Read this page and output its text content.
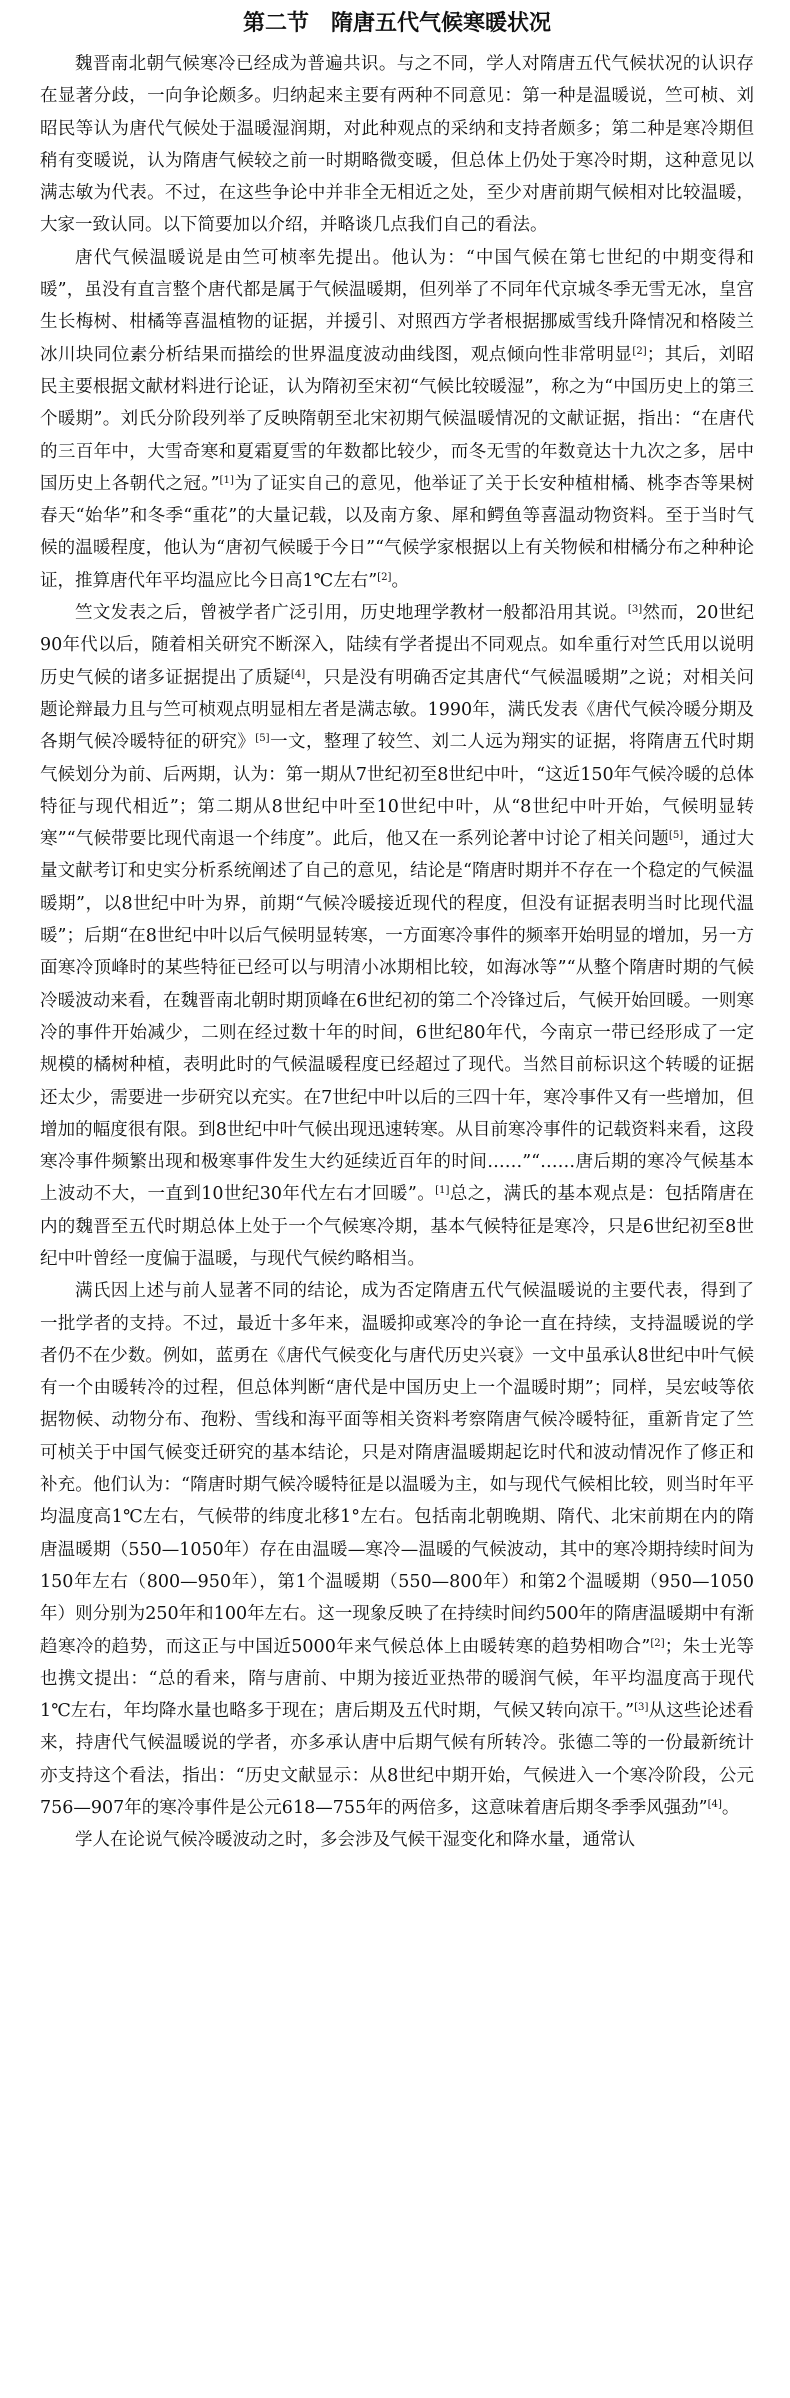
第二节　隋唐五代气候寒暖状况

魏晋南北朝气候寒冷已经成为普遍共识。与之不同，学人对隋唐五代气候状况的认识存在显著分歧，一向争论颇多。归纳起来主要有两种不同意见：第一种是温暖说，竺可桢、刘昭民等认为唐代气候处于温暖湿润期，对此种观点的采纳和支持者颇多；第二种是寒冷期但稍有变暖说，认为隋唐气候较之前一时期略微变暖，但总体上仍处于寒冷时期，这种意见以满志敏为代表。不过，在这些争论中并非全无相近之处，至少对唐前期气候相对比较温暖，大家一致认同。以下简要加以介绍，并略谈几点我们自己的看法。

唐代气候温暖说是由竺可桢率先提出。他认为：“中国气候在第七世纪的中期变得和暖”，虽没有直言整个唐代都是属于气候温暖期，但列举了不同年代京城冬季无雪无冰，皇宫生长梅树、柑橘等喜温植物的证据，并援引、对照西方学者根据挪威雪线升降情况和格陵兰冰川块同位素分析结果而描绘的世界温度波动曲线图，观点倾向性非常明显[2]；其后，刘昭民主要根据文献材料进行论证，认为隋初至宋初“气候比较暖湿”，称之为“中国历史上的第三个暖期”。刘氏分阶段列举了反映隋朝至北宋初期气候温暖情况的文献证据，指出：“在唐代的三百年中，大雪奇寒和夏霜夏雪的年数都比较少，而冬无雪的年数竟达十九次之多，居中国历史上各朝代之冠。”[1]为了证实自己的意见，他举证了关于长安种植柑橘、桃李杏等果树春天“始华”和冬季“重花”的大量记载，以及南方象、犀和鳄鱼等喜温动物资料。至于当时气候的温暖程度，他认为“唐初气候暖于今日”“气候学家根据以上有关物候和柑橘分布之种种论证，推算唐代年平均温应比今日高1℃左右”[2]。

竺文发表之后，曾被学者广泛引用，历史地理学教材一般都沿用其说。[3]然而，20世纪90年代以后，随着相关研究不断深入，陆续有学者提出不同观点。如牟重行对竺氏用以说明历史气候的诸多证据提出了质疑[4]，只是没有明确否定其唐代“气候温暖期”之说；对相关问题论辩最力且与竺可桢观点明显相左者是满志敏。1990年，满氏发表《唐代气候冷暖分期及各期气候冷暖特征的研究》[5]一文，整理了较竺、刘二人远为翔实的证据，将隋唐五代时期气候划分为前、后两期，认为：第一期从7世纪初至8世纪中叶，“这近150年气候冷暖的总体特征与现代相近”；第二期从8世纪中叶至10世纪中叶，从“8世纪中叶开始，气候明显转寒”“气候带要比现代南退一个纬度”。此后，他又在一系列论著中讨论了相关问题[5]，通过大量文献考订和史实分析系统阐述了自己的意见，结论是“隋唐时期并不存在一个稳定的气候温暖期”，以8世纪中叶为界，前期“气候冷暖接近现代的程度，但没有证据表明当时比现代温暖”；后期“在8世纪中叶以后气候明显转寒，一方面寒冷事件的频率开始明显的增加，另一方面寒冷顶峰时的某些特征已经可以与明清小冰期相比较，如海冰等”“从整个隋唐时期的气候冷暖波动来看，在魏晋南北朝时期顶峰在6世纪初的第二个冷锋过后，气候开始回暖。一则寒冷的事件开始减少，二则在经过数十年的时间，6世纪80年代，今南京一带已经形成了一定规模的橘树种植，表明此时的气候温暖程度已经超过了现代。当然目前标识这个转暖的证据还太少，需要进一步研究以充实。在7世纪中叶以后的三四十年，寒冷事件又有一些增加，但增加的幅度很有限。到8世纪中叶气候出现迅速转寒。从目前寒冷事件的记载资料来看，这段寒冷事件频繁出现和极寒事件发生大约延续近百年的时间……”“……唐后期的寒冷气候基本上波动不大，一直到10世纪30年代左右才回暖”。[1]总之，满氏的基本观点是：包括隋唐在内的魏晋至五代时期总体上处于一个气候寒冷期，基本气候特征是寒冷，只是6世纪初至8世纪中叶曾经一度偏于温暖，与现代气候约略相当。

满氏因上述与前人显著不同的结论，成为否定隋唐五代气候温暖说的主要代表，得到了一批学者的支持。不过，最近十多年来，温暖抑或寒冷的争论一直在持续，支持温暖说的学者仍不在少数。例如，蓝勇在《唐代气候变化与唐代历史兴衰》一文中虽承认8世纪中叶气候有一个由暖转冷的过程，但总体判断“唐代是中国历史上一个温暖时期”；同样，吴宏岐等依据物候、动物分布、孢粉、雪线和海平面等相关资料考察隋唐气候冷暖特征，重新肯定了竺可桢关于中国气候变迁研究的基本结论，只是对隋唐温暖期起讫时代和波动情况作了修正和补充。他们认为：“隋唐时期气候冷暖特征是以温暖为主，如与现代气候相比较，则当时年平均温度高1℃左右，气候带的纬度北移1°左右。包括南北朝晚期、隋代、北宋前期在内的隋唐温暖期（550—1050年）存在由温暖—寒冷—温暖的气候波动，其中的寒冷期持续时间为150年左右（800—950年），第1个温暖期（550—800年）和第2个温暖期（950—1050年）则分别为250年和100年左右。这一现象反映了在持续时间约500年的隋唐温暖期中有渐趋寒冷的趋势，而这正与中国近5000年来气候总体上由暖转寒的趋势相吻合”[2]；朱士光等也携文提出：“总的看来，隋与唐前、中期为接近亚热带的暖润气候，年平均温度高于现代1℃左右，年均降水量也略多于现在；唐后期及五代时期，气候又转向凉干。”[3]从这些论述看来，持唐代气候温暖说的学者，亦多承认唐中后期气候有所转冷。张德二等的一份最新统计亦支持这个看法，指出：“历史文献显示：从8世纪中期开始，气候进入一个寒冷阶段，公元756—907年的寒冷事件是公元618—755年的两倍多，这意味着唐后期冬季季风强劲”[4]。

学人在论说气候冷暖波动之时，多会涉及气候干湿变化和降水量，通常认
